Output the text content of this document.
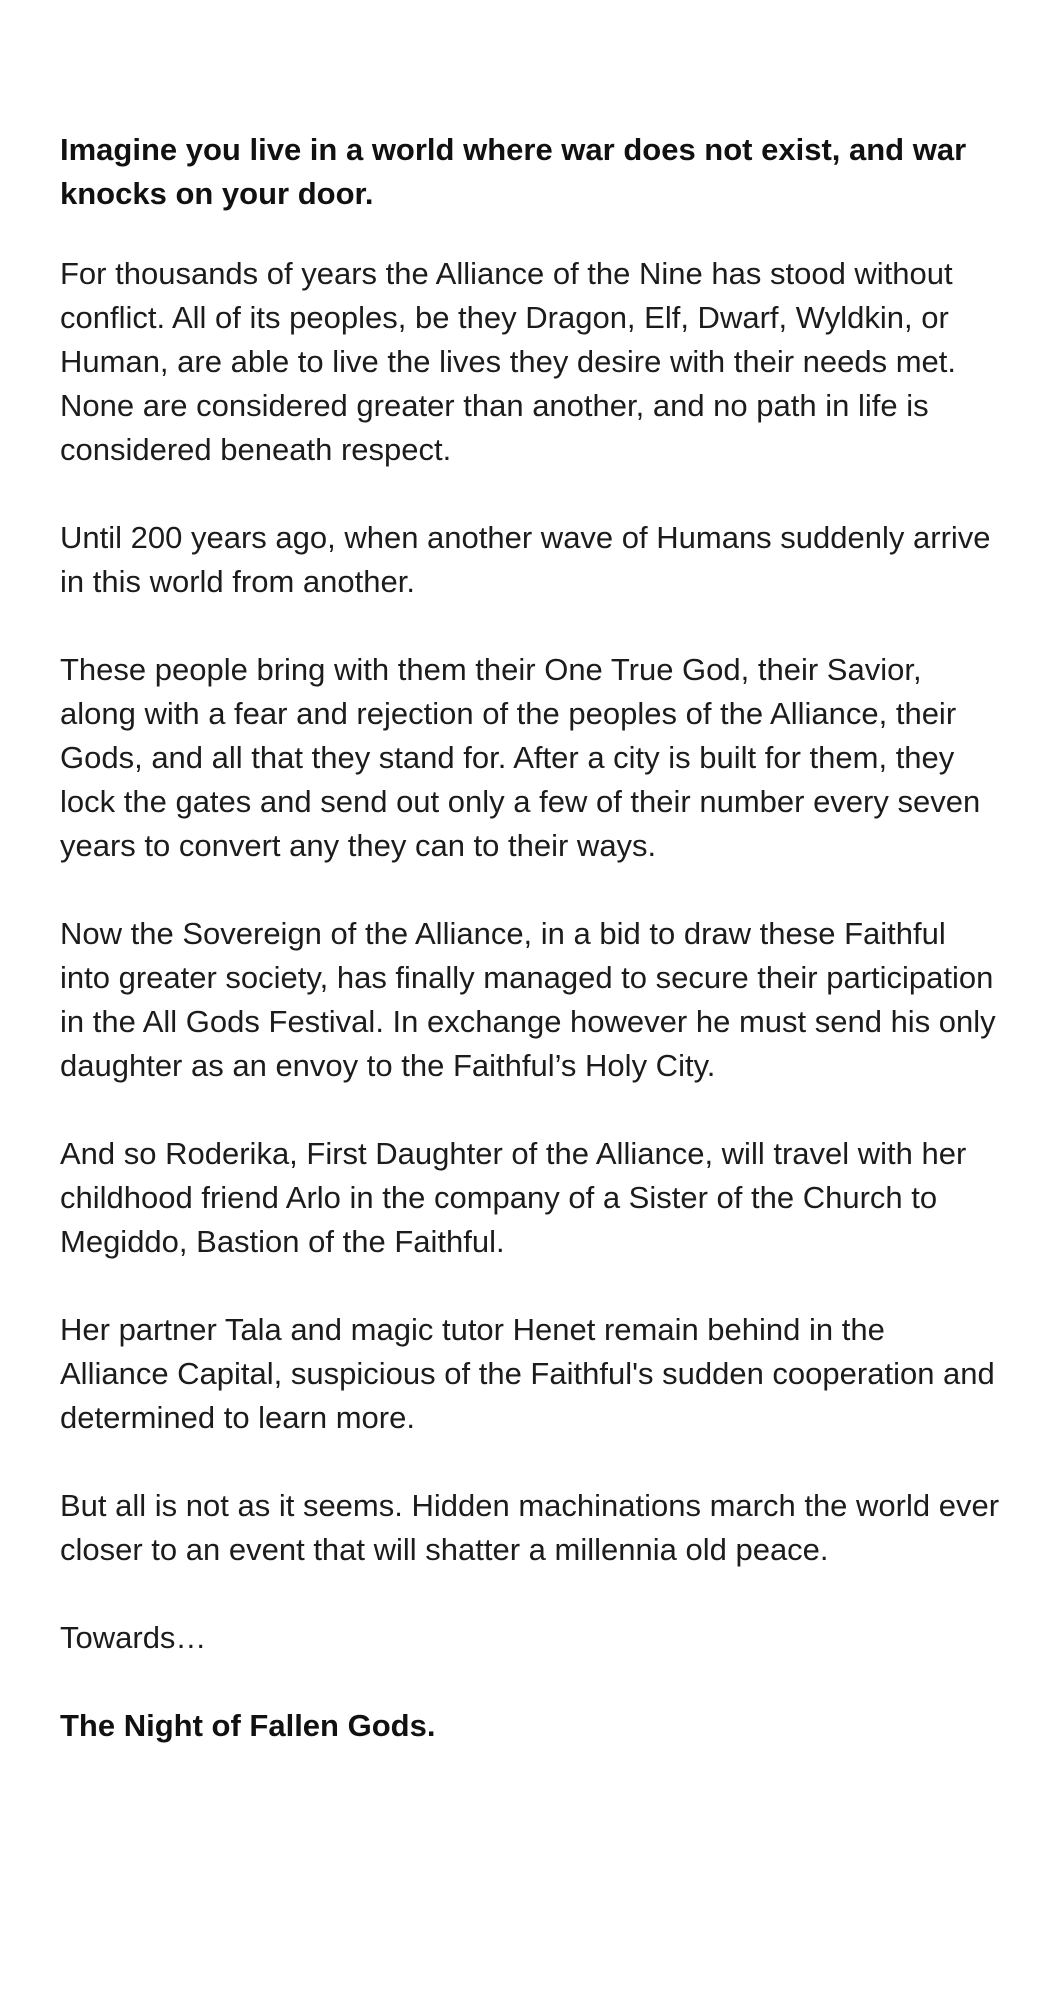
Imagine you live in a world where war does not exist, and war knocks on your door.

For thousands of years the Alliance of the Nine has stood without conflict. All of its peoples, be they Dragon, Elf, Dwarf, Wyldkin, or Human, are able to live the lives they desire with their needs met. None are considered greater than another, and no path in life is considered beneath respect.

Until 200 years ago, when another wave of Humans suddenly arrive in this world from another.

These people bring with them their One True God, their Savior, along with a fear and rejection of the peoples of the Alliance, their Gods, and all that they stand for. After a city is built for them, they lock the gates and send out only a few of their number every seven years to convert any they can to their ways.

Now the Sovereign of the Alliance, in a bid to draw these Faithful into greater society, has finally managed to secure their participation in the All Gods Festival. In exchange however he must send his only daughter as an envoy to the Faithful’s Holy City.

And so Roderika, First Daughter of the Alliance, will travel with her childhood friend Arlo in the company of a Sister of the Church to Megiddo, Bastion of the Faithful.

Her partner Tala and magic tutor Henet remain behind in the Alliance Capital, suspicious of the Faithful's sudden cooperation and determined to learn more.

But all is not as it seems. Hidden machinations march the world ever closer to an event that will shatter a millennia old peace.

Towards…

The Night of Fallen Gods.
